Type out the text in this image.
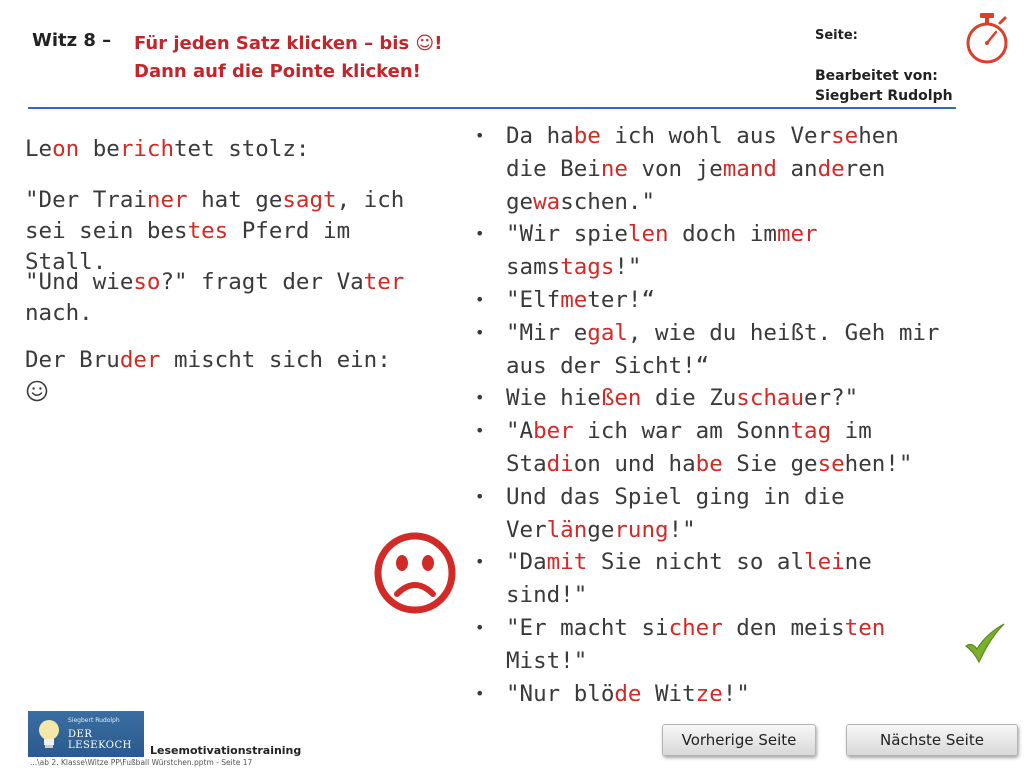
Witz 8 – Für jeden Satz klicken – bis ☺!
Dann auf die Pointe klicken!
Seite:
Bearbeitet von:
Siegbert Rudolph
Leon berichtet stolz:
"Der Trainer hat gesagt, ich sei sein bestes Pferd im Stall.
"Und wieso?" fragt der Vater nach.
Der Bruder mischt sich ein:
• Da habe ich wohl aus Versehen die Beine von jemand anderen gewaschen."
• "Wir spielen doch immer samstags!"
• "Elfmeter!“
• "Mir egal, wie du heißt. Geh mir aus der Sicht!“
• Wie hießen die Zuschauer?"
• "Aber ich war am Sonntag im Stadion und habe Sie gesehen!"
• Und das Spiel ging in die Verlängerung!"
• "Damit Sie nicht so alleine sind!"
• "Er macht sicher den meisten Mist!"
• "Nur blöde Witze!"
Siegbert Rudolph
DER LESEKOCH	Lesemotivationstraining
...\ab 2. Klasse\Witze PP\Fußball Würstchen.pptm - Seite 17
Vorherige Seite	Nächste Seite
